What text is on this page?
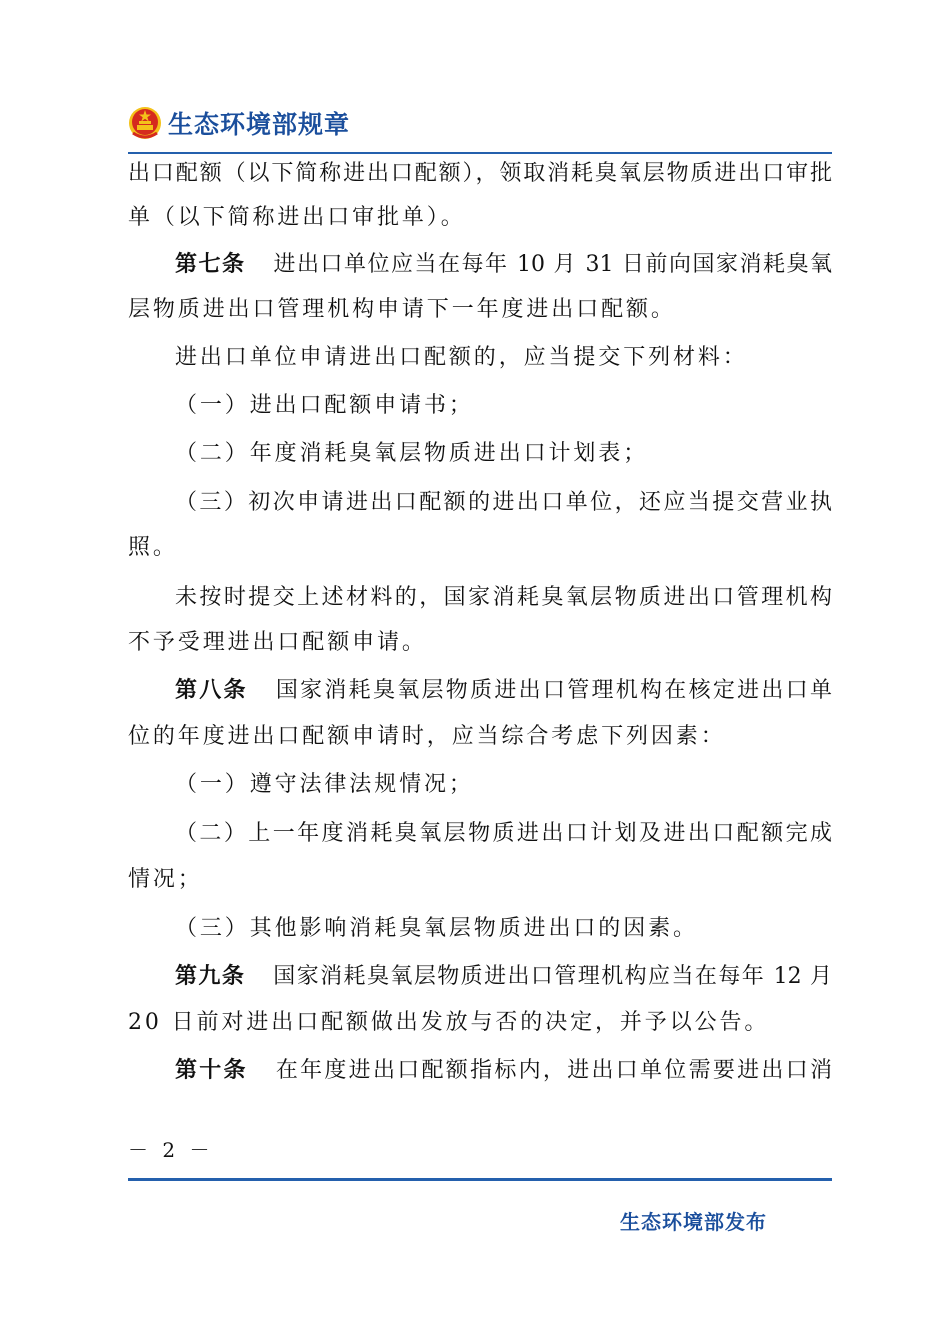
生态环境部规章
出口配额（以下简称进出口配额），领取消耗臭氧层物质进出口审批
单（以下简称进出口审批单）。
第七条 进出口单位应当在每年 10 月 31 日前向国家消耗臭氧
层物质进出口管理机构申请下一年度进出口配额。
进出口单位申请进出口配额的，应当提交下列材料：
（一）进出口配额申请书；
（二）年度消耗臭氧层物质进出口计划表；
（三）初次申请进出口配额的进出口单位，还应当提交营业执
照。
未按时提交上述材料的，国家消耗臭氧层物质进出口管理机构
不予受理进出口配额申请。
第八条 国家消耗臭氧层物质进出口管理机构在核定进出口单
位的年度进出口配额申请时，应当综合考虑下列因素：
（一）遵守法律法规情况；
（二）上一年度消耗臭氧层物质进出口计划及进出口配额完成
情况；
（三）其他影响消耗臭氧层物质进出口的因素。
第九条 国家消耗臭氧层物质进出口管理机构应当在每年 12 月
20 日前对进出口配额做出发放与否的决定，并予以公告。
第十条 在年度进出口配额指标内，进出口单位需要进出口消
－ 2 －
生态环境部发布
